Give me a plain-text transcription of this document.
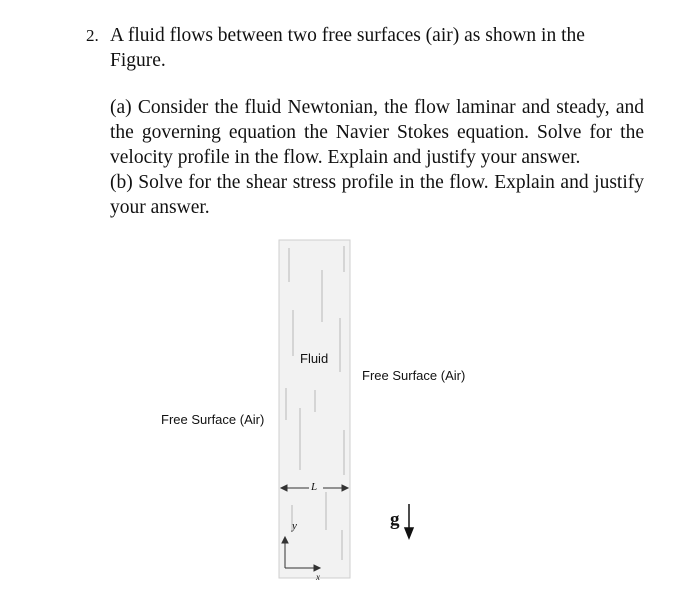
2. A fluid flows between two free surfaces (air) as shown in the Figure.
(a) Consider the fluid Newtonian, the flow laminar and steady, and the governing equation the Navier Stokes equation. Solve for the velocity profile in the flow. Explain and justify your answer.
(b) Solve for the shear stress profile in the flow. Explain and justify your answer.
Fluid
Free Surface (Air)
Free Surface (Air)
L
g
y
x
